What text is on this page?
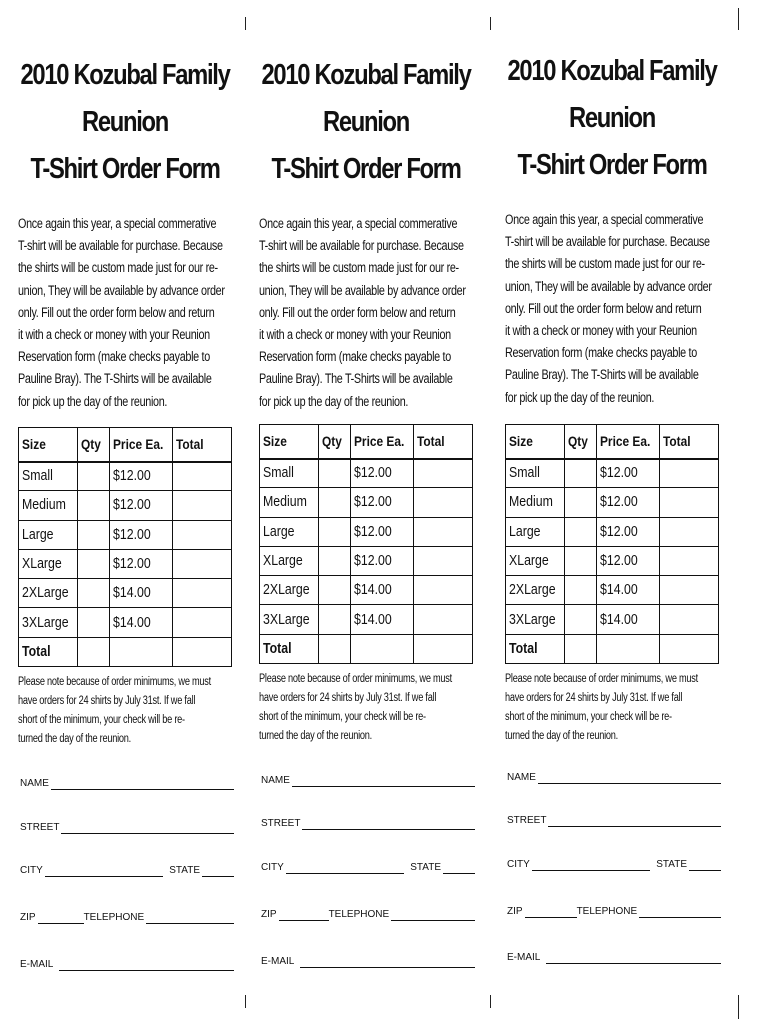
2010 Kozubal Family
Reunion
T-Shirt Order Form
Once again this year, a special commerative
T-shirt will be available for purchase. Because
the shirts will be custom made just for our re-
union, They will be available by advance order
only. Fill out the order form below and return
it with a check or money with your Reunion
Reservation form (make checks payable to
Pauline Bray). The T-Shirts will be available
for pick up the day of the reunion.
Size	Qty	Price Ea.	Total
Small		$12.00	
Medium		$12.00	
Large		$12.00	
XLarge		$12.00	
2XLarge		$14.00	
3XLarge		$14.00	
Total			
Please note because of order minimums, we must
have orders for 24 shirts by July 31st. If we fall
short of the minimum, your check will be re-
turned the day of the reunion.
NAME
STREET
CITY	STATE
ZIP	TELEPHONE
E-MAIL
2010 Kozubal Family
Reunion
T-Shirt Order Form
Once again this year, a special commerative
T-shirt will be available for purchase. Because
the shirts will be custom made just for our re-
union, They will be available by advance order
only. Fill out the order form below and return
it with a check or money with your Reunion
Reservation form (make checks payable to
Pauline Bray). The T-Shirts will be available
for pick up the day of the reunion.
Size	Qty	Price Ea.	Total
Small		$12.00	
Medium		$12.00	
Large		$12.00	
XLarge		$12.00	
2XLarge		$14.00	
3XLarge		$14.00	
Total			
Please note because of order minimums, we must
have orders for 24 shirts by July 31st. If we fall
short of the minimum, your check will be re-
turned the day of the reunion.
NAME
STREET
CITY	STATE
ZIP	TELEPHONE
E-MAIL
2010 Kozubal Family
Reunion
T-Shirt Order Form
Once again this year, a special commerative
T-shirt will be available for purchase. Because
the shirts will be custom made just for our re-
union, They will be available by advance order
only. Fill out the order form below and return
it with a check or money with your Reunion
Reservation form (make checks payable to
Pauline Bray). The T-Shirts will be available
for pick up the day of the reunion.
Size	Qty	Price Ea.	Total
Small		$12.00	
Medium		$12.00	
Large		$12.00	
XLarge		$12.00	
2XLarge		$14.00	
3XLarge		$14.00	
Total			
Please note because of order minimums, we must
have orders for 24 shirts by July 31st. If we fall
short of the minimum, your check will be re-
turned the day of the reunion.
NAME
STREET
CITY	STATE
ZIP	TELEPHONE
E-MAIL
